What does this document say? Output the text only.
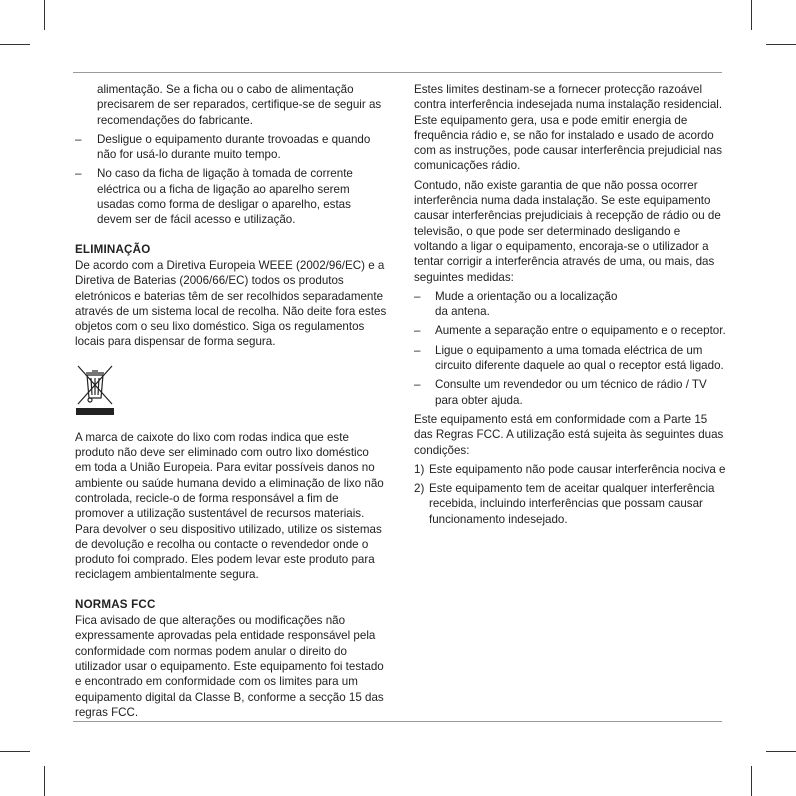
alimentação. Se a ficha ou o cabo de alimentação precisarem de ser reparados, certifique-se de seguir as recomendações do fabricante.

– Desligue o equipamento durante trovoadas e quando não for usá-lo durante muito tempo.
– No caso da ficha de ligação à tomada de corrente eléctrica ou a ficha de ligação ao aparelho serem usadas como forma de desligar o aparelho, estas devem ser de fácil acesso e utilização.
ELIMINAÇÃO

De acordo com a Diretiva Europeia WEEE (2002/96/EC) e a Diretiva de Baterias (2006/66/EC) todos os produtos eletrónicos e baterias têm de ser recolhidos separadamente através de um sistema local de recolha. Não deite fora estes objetos com o seu lixo doméstico. Siga os regulamentos locais para dispensar de forma segura.

A marca de caixote do lixo com rodas indica que este produto não deve ser eliminado com outro lixo doméstico em toda a União Europeia. Para evitar possíveis danos no ambiente ou saúde humana devido a eliminação de lixo não controlada, recicle-o de forma responsável a fim de promover a utilização sustentável de recursos materiais. Para devolver o seu dispositivo utilizado, utilize os sistemas de devolução e recolha ou contacte o revendedor onde o produto foi comprado. Eles podem levar este produto para reciclagem ambientalmente segura.

NORMAS FCC

Fica avisado de que alterações ou modificações não expressamente aprovadas pela entidade responsável pela conformidade com normas podem anular o direito do utilizador usar o equipamento. Este equipamento foi testado e encontrado em conformidade com os limites para um equipamento digital da Classe B, conforme a secção 15 das regras FCC.

Estes limites destinam-se a fornecer protecção razoável contra interferência indesejada numa instalação residencial. Este equipamento gera, usa e pode emitir energia de frequência rádio e, se não for instalado e usado de acordo com as instruções, pode causar interferência prejudicial nas comunicações rádio.

Contudo, não existe garantia de que não possa ocorrer interferência numa dada instalação. Se este equipamento causar interferências prejudiciais à recepção de rádio ou de televisão, o que pode ser determinado desligando e voltando a ligar o equipamento, encoraja-se o utilizador a tentar corrigir a interferência através de uma, ou mais, das seguintes medidas:

– Mude a orientação ou a localização
da antena.
– Aumente a separação entre o equipamento e o receptor.
– Ligue o equipamento a uma tomada eléctrica de um circuito diferente daquele ao qual o receptor está ligado.
– Consulte um revendedor ou um técnico de rádio / TV para obter ajuda.

Este equipamento está em conformidade com a Parte 15 das Regras FCC. A utilização está sujeita às seguintes duas condições:

1) Este equipamento não pode causar interferência nociva e
2) Este equipamento tem de aceitar qualquer interferência recebida, incluindo interferências que possam causar funcionamento indesejado.
